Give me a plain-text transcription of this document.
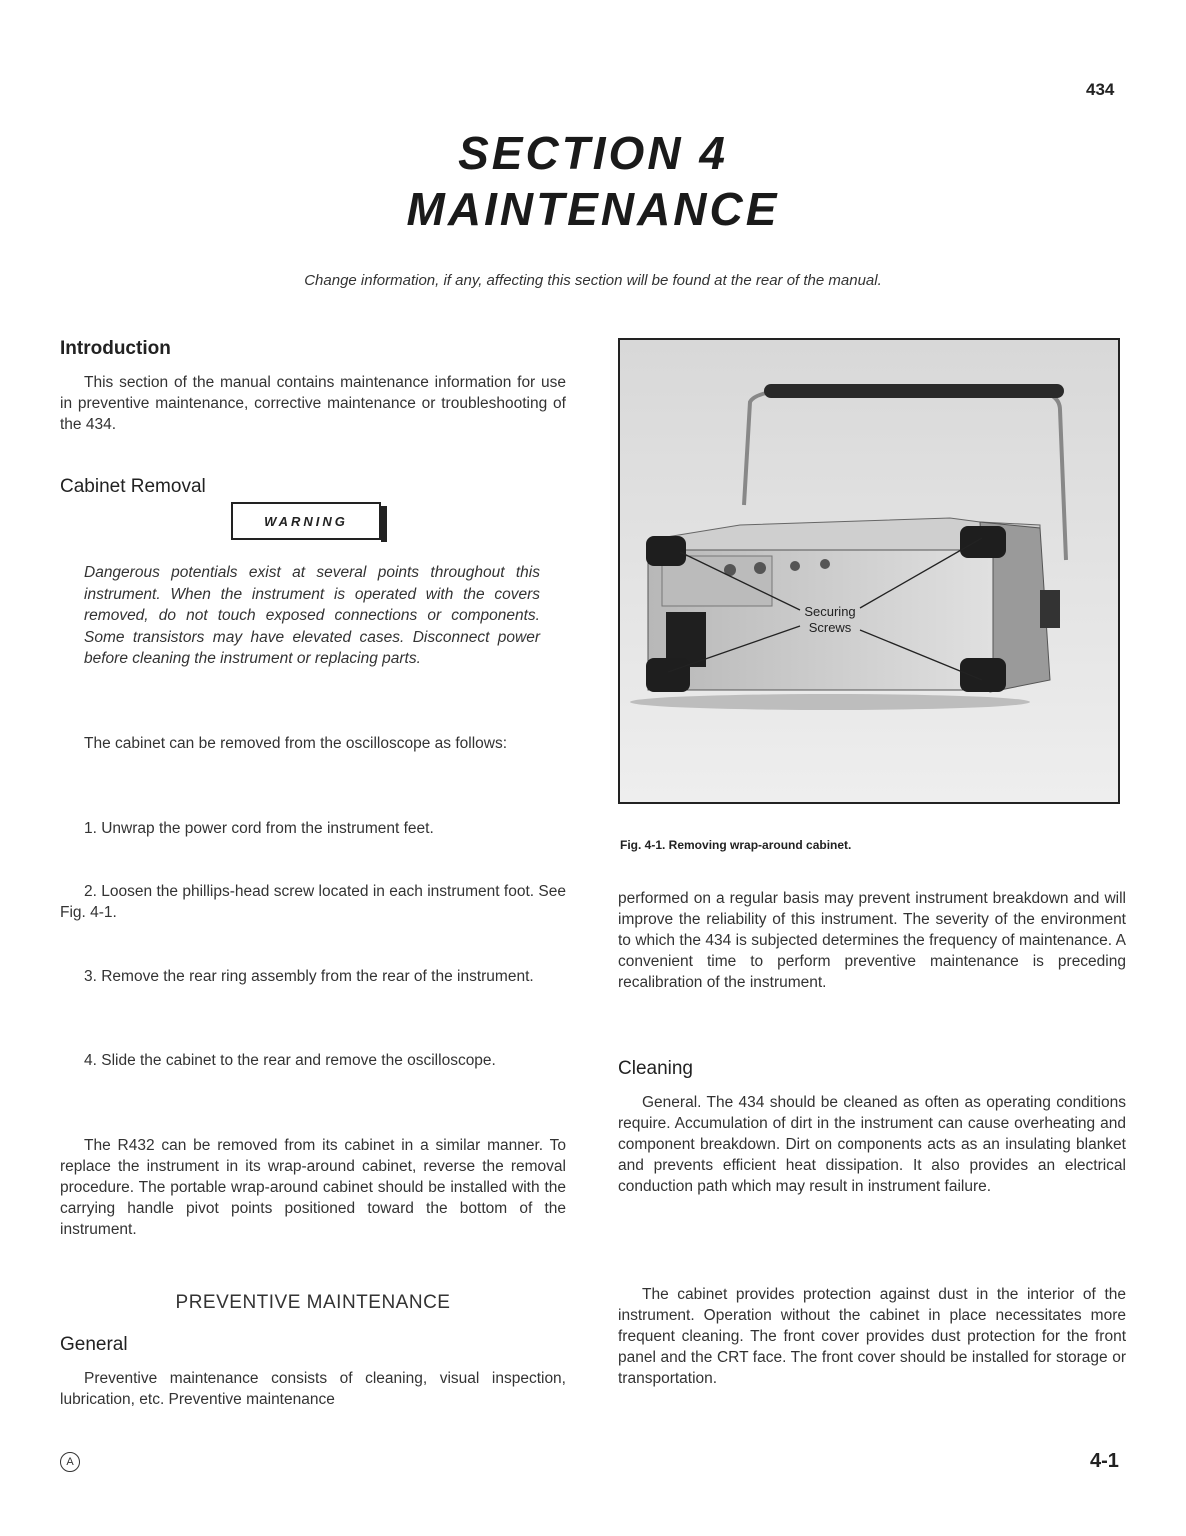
434
SECTION 4
MAINTENANCE
Change information, if any, affecting this section will be found at the rear of the manual.
Introduction
This section of the manual contains maintenance information for use in preventive maintenance, corrective maintenance or troubleshooting of the 434.
Cabinet Removal
WARNING
Dangerous potentials exist at several points throughout this instrument. When the instrument is operated with the covers removed, do not touch exposed connections or components. Some transistors may have elevated cases. Disconnect power before cleaning the instrument or replacing parts.
The cabinet can be removed from the oscilloscope as follows:
1. Unwrap the power cord from the instrument feet.
2. Loosen the phillips-head screw located in each instrument foot. See Fig. 4-1.
3. Remove the rear ring assembly from the rear of the instrument.
4. Slide the cabinet to the rear and remove the oscilloscope.
The R432 can be removed from its cabinet in a similar manner. To replace the instrument in its wrap-around cabinet, reverse the removal procedure. The portable wrap-around cabinet should be installed with the carrying handle pivot points positioned toward the bottom of the instrument.
PREVENTIVE MAINTENANCE
General
Preventive maintenance consists of cleaning, visual inspection, lubrication, etc. Preventive maintenance
Securing
Screws
Fig. 4-1. Removing wrap-around cabinet.
performed on a regular basis may prevent instrument breakdown and will improve the reliability of this instrument. The severity of the environment to which the 434 is subjected determines the frequency of maintenance. A convenient time to perform preventive maintenance is preceding recalibration of the instrument.
Cleaning
General. The 434 should be cleaned as often as operating conditions require. Accumulation of dirt in the instrument can cause overheating and component breakdown. Dirt on components acts as an insulating blanket and prevents efficient heat dissipation. It also provides an electrical conduction path which may result in instrument failure.
The cabinet provides protection against dust in the interior of the instrument. Operation without the cabinet in place necessitates more frequent cleaning. The front cover provides dust protection for the front panel and the CRT face. The front cover should be installed for storage or transportation.
A	4-1
